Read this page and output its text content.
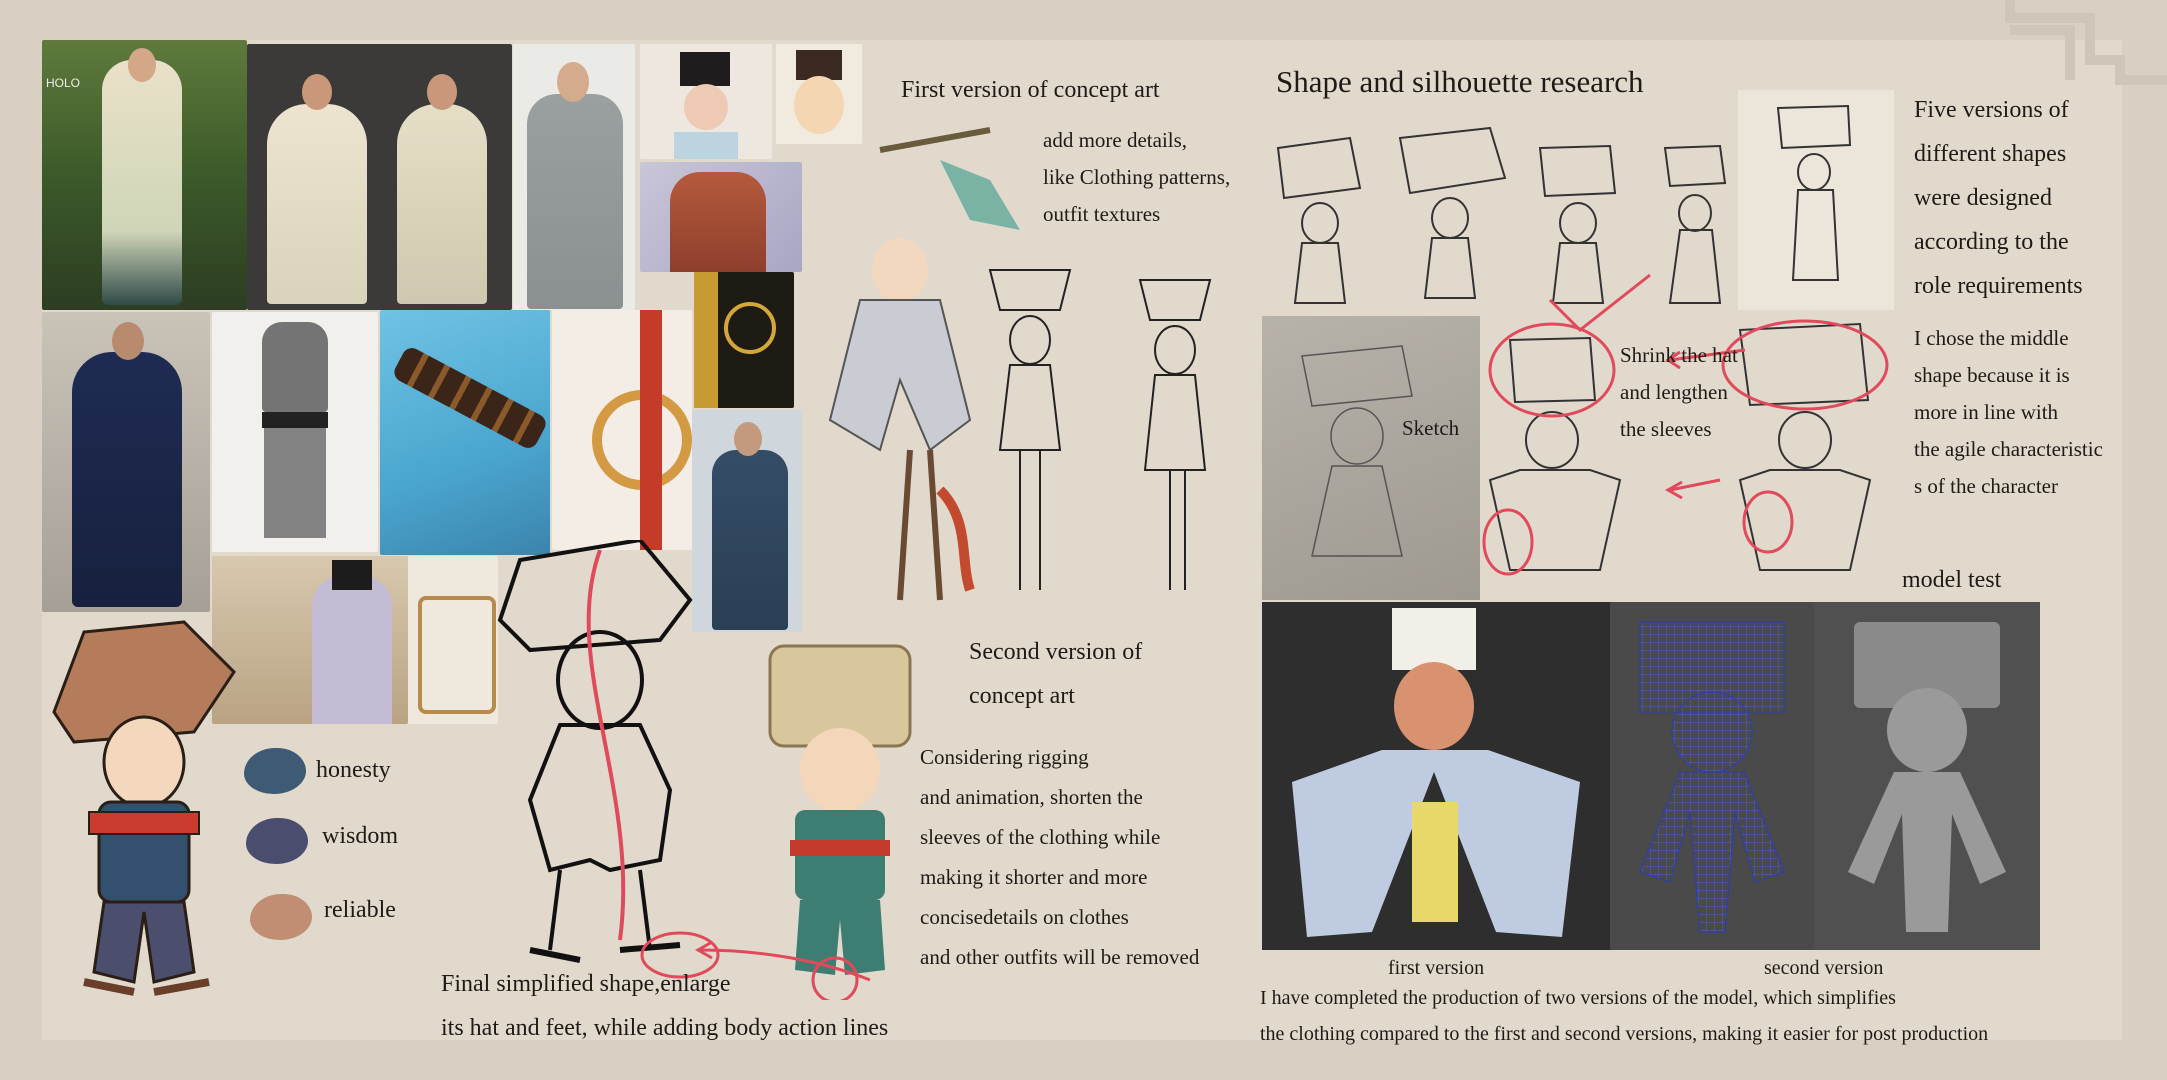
HOLO
honesty
wisdom
reliable
First version of concept art
add more details,
like Clothing patterns,
outfit textures
Second version of
concept art
Considering rigging
and animation, shorten the
sleeves of the clothing while
making it shorter and more
concisedetails on clothes
and other outfits will be removed
Final simplified shape,enlarge
its hat and feet, while adding body action lines
Shape and silhouette research
Five versions of
different shapes
were designed
according to the
role requirements
I chose the middle
shape because it is
more in line with
the agile characteristic
s of the character
Sketch
Shrink the hat
and lengthen
the sleeves
model test
first version	second version
I have completed the production of two versions of the model, which simplifies
the clothing compared to the first and second versions, making it easier for post production
